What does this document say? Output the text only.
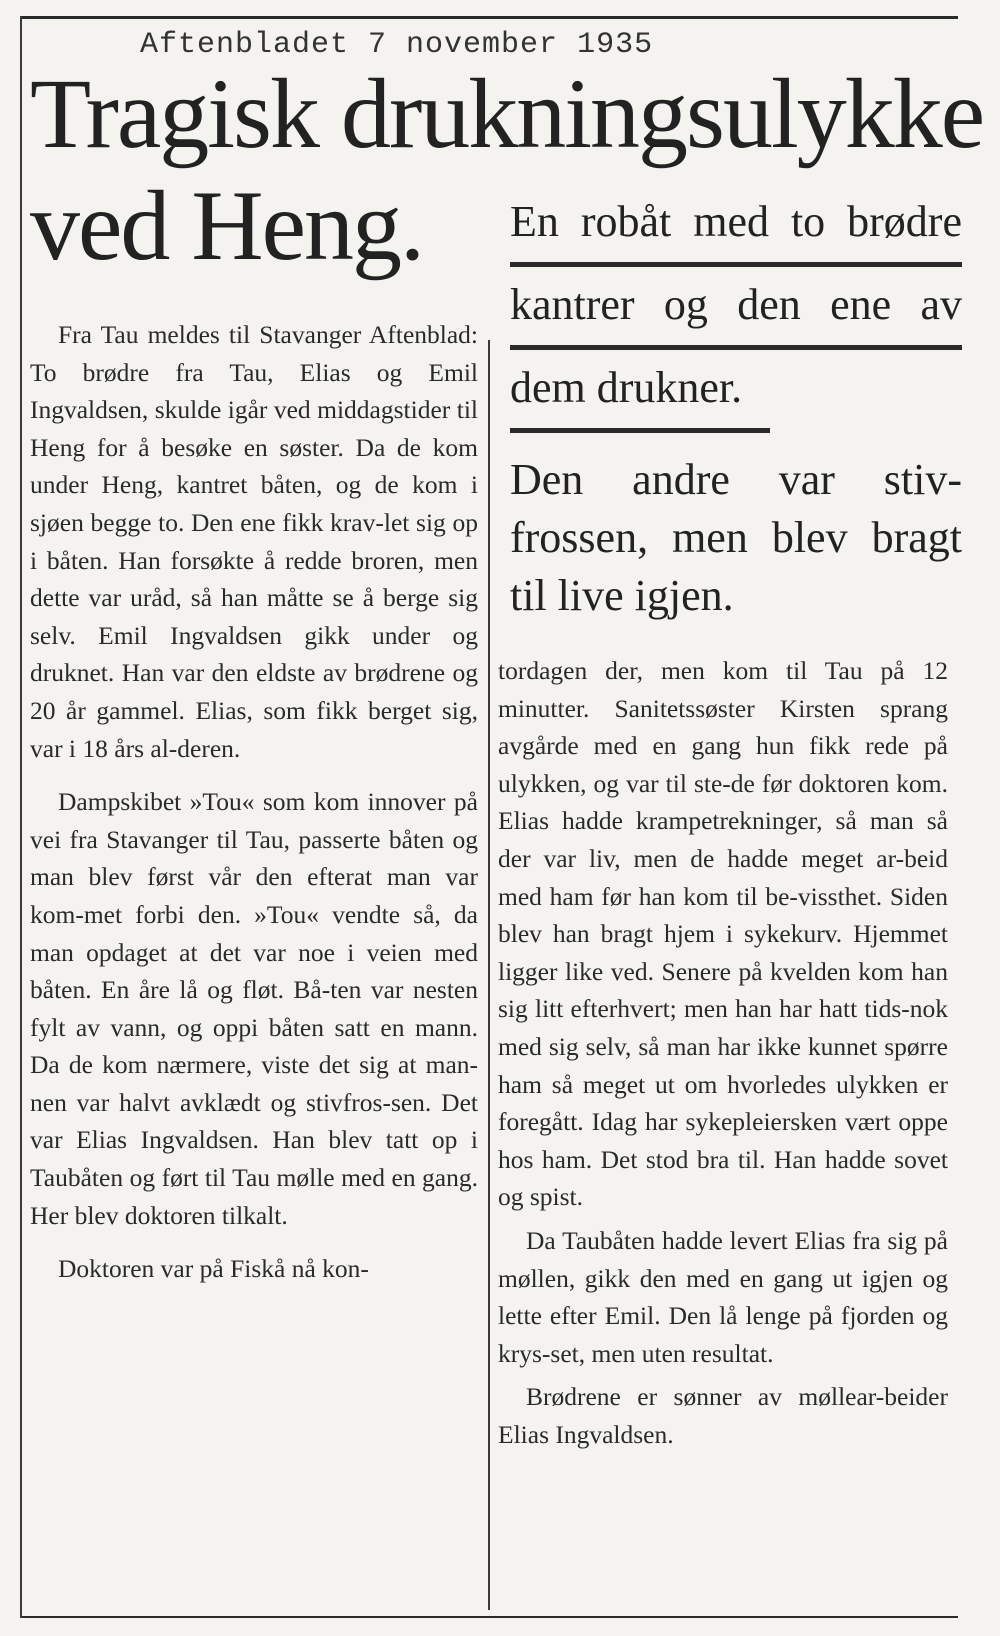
Aftenbladet 7 november 1935
Tragisk drukningsulykke
ved Heng.	En robåt med to brødre
kantrer og den ene av
dem drukner.
Den andre var stiv-frossen, men blev bragt til live igjen.

Fra Tau meldes til Stavanger Aftenblad: To brødre fra Tau, Elias og Emil Ingvaldsen, skulde igår ved middagstider til Heng for å besøke en søster. Da de kom under Heng, kantret båten, og de kom i sjøen begge to. Den ene fikk krav-let sig op i båten. Han forsøkte å redde broren, men dette var uråd, så han måtte se å berge sig selv. Emil Ingvaldsen gikk under og druknet. Han var den eldste av brødrene og 20 år gammel. Elias, som fikk berget sig, var i 18 års al-deren.

Dampskibet »Tou« som kom innover på vei fra Stavanger til Tau, passerte båten og man blev først vår den efterat man var kom-met forbi den. »Tou« vendte så, da man opdaget at det var noe i veien med båten. En åre lå og fløt. Bå-ten var nesten fylt av vann, og oppi båten satt en mann. Da de kom nærmere, viste det sig at man-nen var halvt avklædt og stivfros-sen. Det var Elias Ingvaldsen. Han blev tatt op i Taubåten og ført til Tau mølle med en gang. Her blev doktoren tilkalt.

Doktoren var på Fiskå nå kon-

tordagen der, men kom til Tau på 12 minutter. Sanitetssøster Kirsten sprang avgårde med en gang hun fikk rede på ulykken, og var til ste-de før doktoren kom. Elias hadde krampetrekninger, så man så der var liv, men de hadde meget ar-beid med ham før han kom til be-vissthet. Siden blev han bragt hjem i sykekurv. Hjemmet ligger like ved. Senere på kvelden kom han sig litt efterhvert; men han har hatt tids-nok med sig selv, så man har ikke kunnet spørre ham så meget ut om hvorledes ulykken er foregått. Idag har sykepleiersken vært oppe hos ham. Det stod bra til. Han hadde sovet og spist.

Da Taubåten hadde levert Elias fra sig på møllen, gikk den med en gang ut igjen og lette efter Emil. Den lå lenge på fjorden og krys-set, men uten resultat.

Brødrene er sønner av møllear-beider Elias Ingvaldsen.
